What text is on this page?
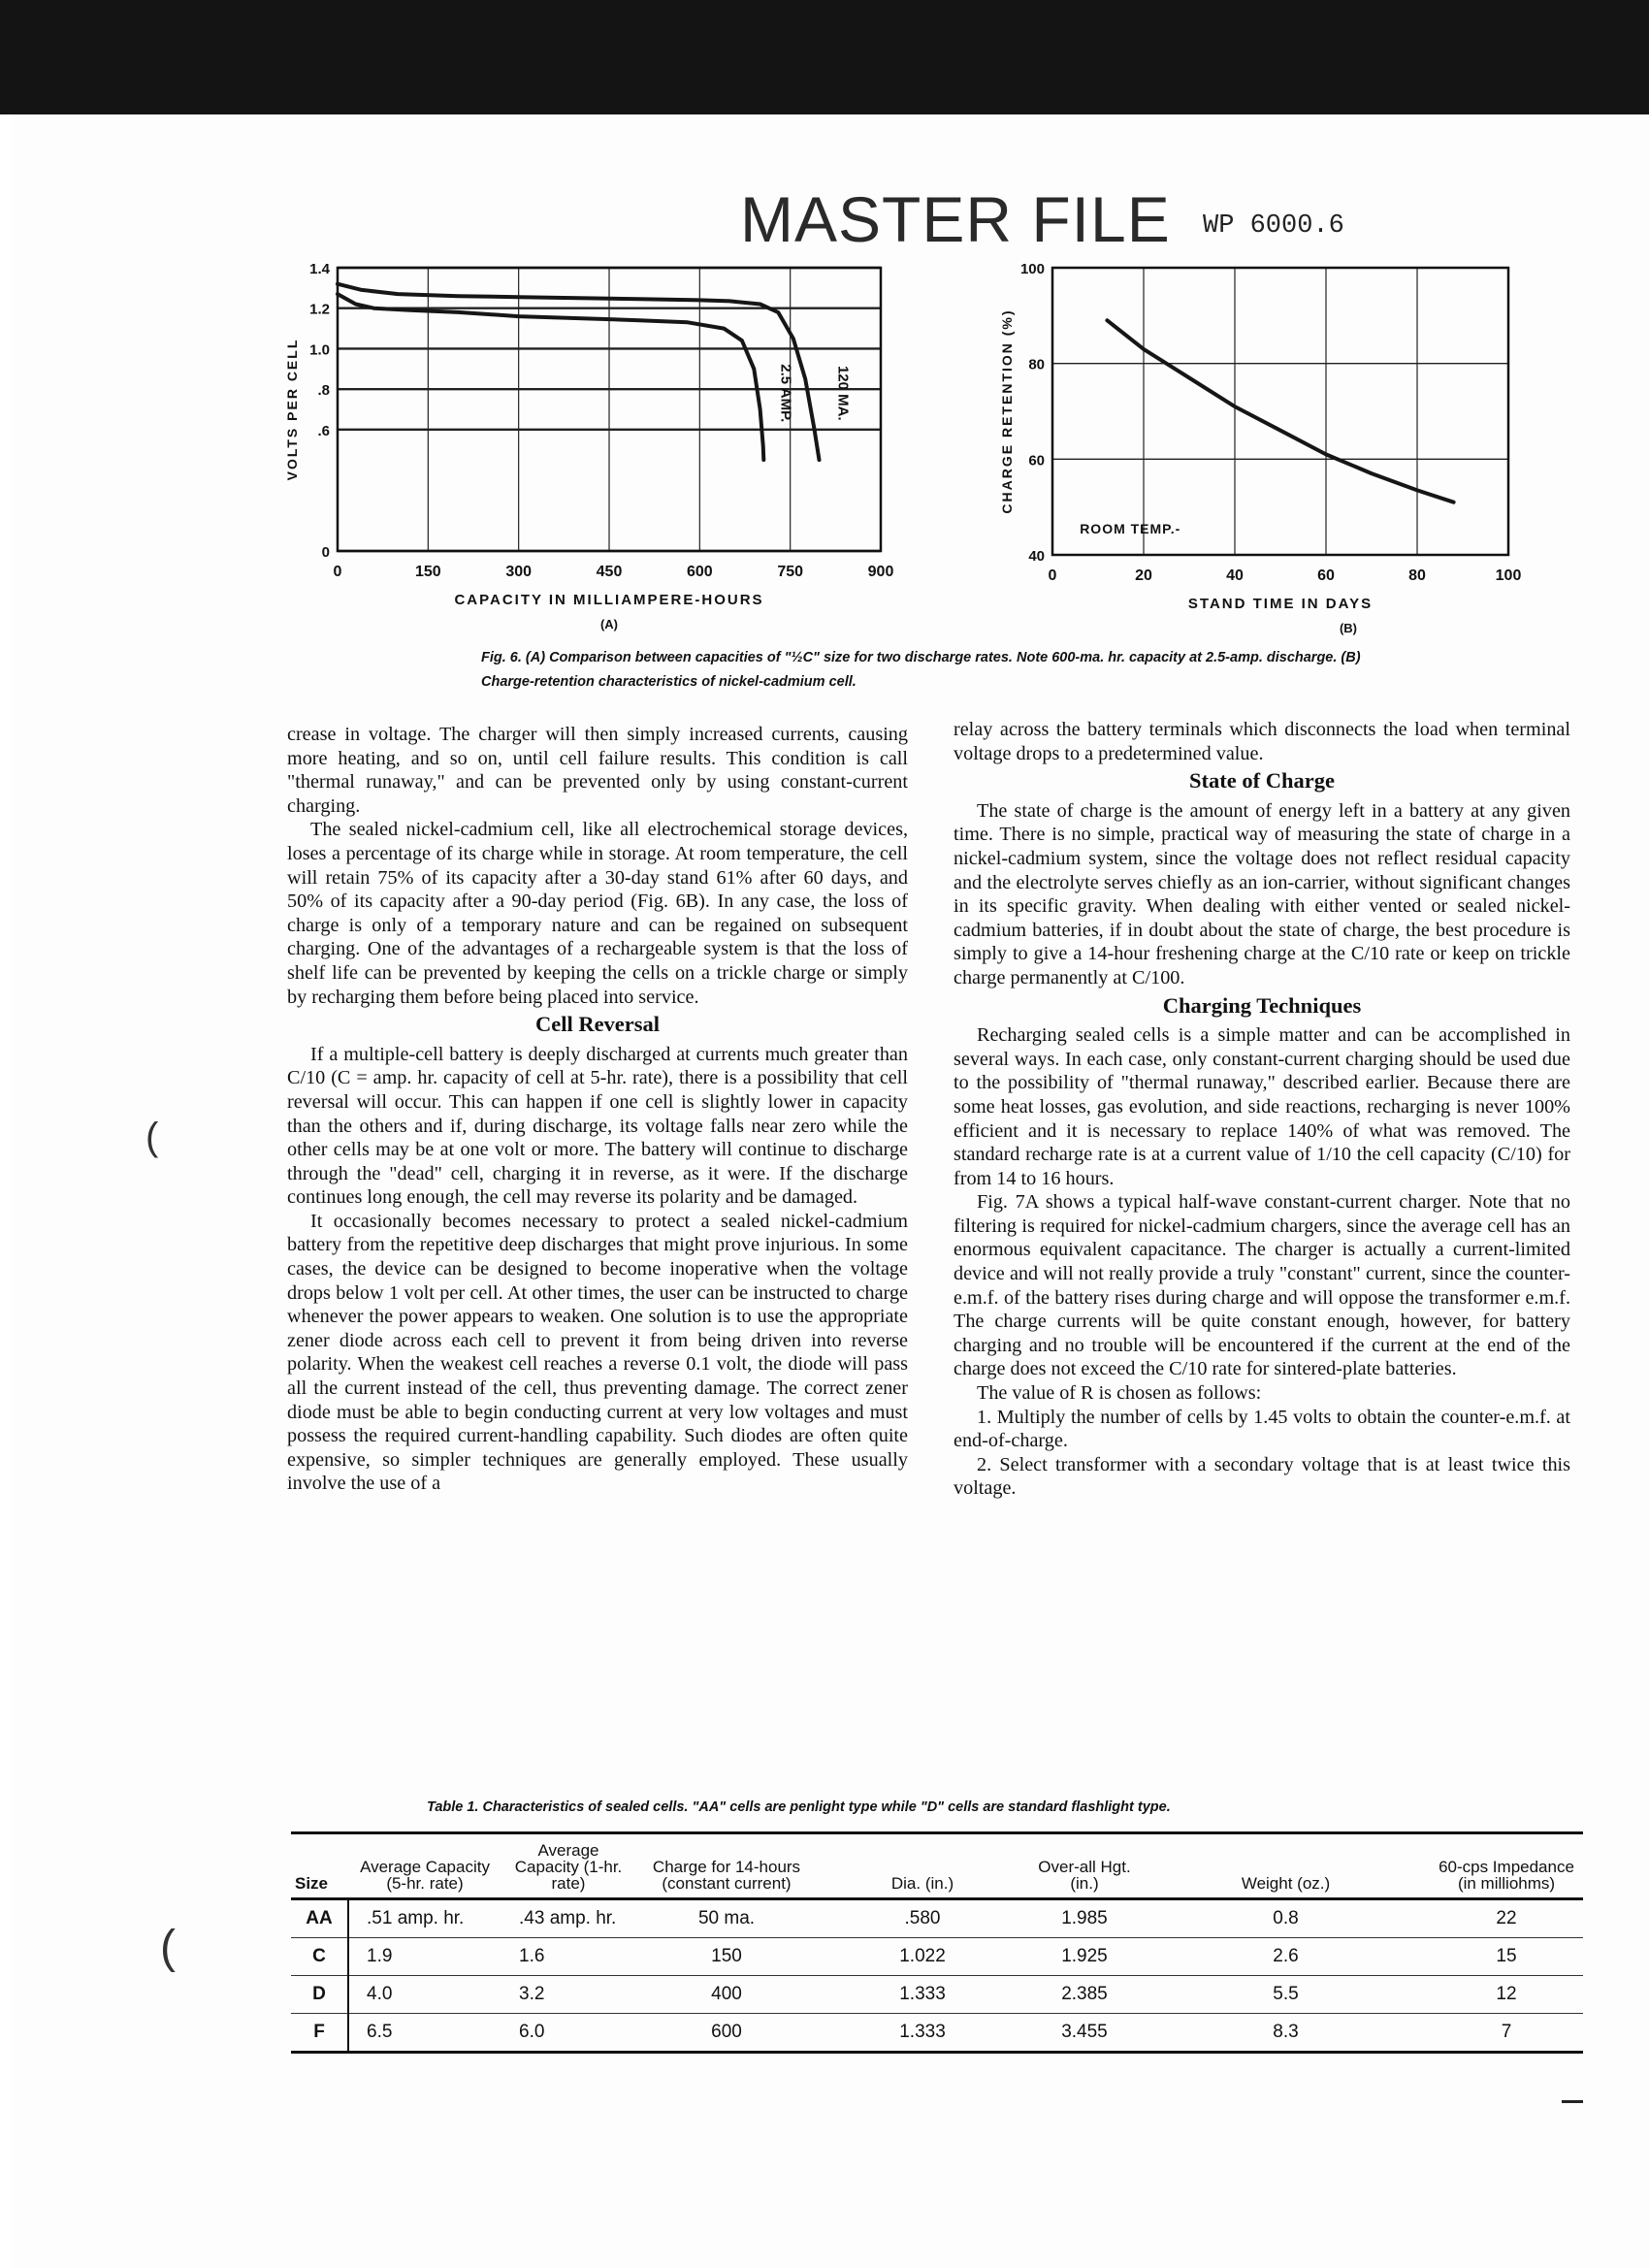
MASTER FILE WP 6000.6
0	150	300	450	600	750	900
0
.6
.8
1.0
1.2
1.4
CAPACITY IN MILLIAMPERE-HOURS
VOLTS PER CELL
(A)
2.5 AMP.	120 MA.
0	20	40	60	80	100
40
60
80
100
STAND TIME IN DAYS
CHARGE RETENTION (%)
(B)
ROOM TEMP.-
Fig. 6. (A) Comparison between capacities of "½C" size for two discharge rates. Note 600-ma. hr. capacity at 2.5-amp. discharge. (B) Charge-retention characteristics of nickel-cadmium cell.

crease in voltage. The charger will then simply increased currents, causing more heating, and so on, until cell failure results. This condition is call "thermal runaway," and can be prevented only by using constant-current charging.

The sealed nickel-cadmium cell, like all electrochemical storage devices, loses a percentage of its charge while in storage. At room temperature, the cell will retain 75% of its capacity after a 30-day stand 61% after 60 days, and 50% of its capacity after a 90-day period (Fig. 6B). In any case, the loss of charge is only of a temporary nature and can be regained on subsequent charging. One of the advantages of a rechargeable system is that the loss of shelf life can be prevented by keeping the cells on a trickle charge or simply by recharging them before being placed into service.

Cell Reversal

If a multiple-cell battery is deeply discharged at currents much greater than C/10 (C = amp. hr. capacity of cell at 5-hr. rate), there is a possibility that cell reversal will occur. This can happen if one cell is slightly lower in capacity than the others and if, during discharge, its voltage falls near zero while the other cells may be at one volt or more. The battery will continue to discharge through the "dead" cell, charging it in reverse, as it were. If the discharge continues long enough, the cell may reverse its polarity and be damaged.

It occasionally becomes necessary to protect a sealed nickel-cadmium battery from the repetitive deep discharges that might prove injurious. In some cases, the device can be designed to become inoperative when the voltage drops below 1 volt per cell. At other times, the user can be instructed to charge whenever the power appears to weaken. One solution is to use the appropriate zener diode across each cell to prevent it from being driven into reverse polarity. When the weakest cell reaches a reverse 0.1 volt, the diode will pass all the current instead of the cell, thus preventing damage. The correct zener diode must be able to begin conducting current at very low voltages and must possess the required current-handling capability. Such diodes are often quite expensive, so simpler techniques are generally employed. These usually involve the use of a

relay across the battery terminals which disconnects the load when terminal voltage drops to a predetermined value.

State of Charge

The state of charge is the amount of energy left in a battery at any given time. There is no simple, practical way of measuring the state of charge in a nickel-cadmium system, since the voltage does not reflect residual capacity and the electrolyte serves chiefly as an ion-carrier, without significant changes in its specific gravity. When dealing with either vented or sealed nickel-cadmium batteries, if in doubt about the state of charge, the best procedure is simply to give a 14-hour freshening charge at the C/10 rate or keep on trickle charge permanently at C/100.

Charging Techniques

Recharging sealed cells is a simple matter and can be accomplished in several ways. In each case, only constant-current charging should be used due to the possibility of "thermal runaway," described earlier. Because there are some heat losses, gas evolution, and side reactions, recharging is never 100% efficient and it is necessary to replace 140% of what was removed. The standard recharge rate is at a current value of 1/10 the cell capacity (C/10) for from 14 to 16 hours.

Fig. 7A shows a typical half-wave constant-current charger. Note that no filtering is required for nickel-cadmium chargers, since the average cell has an enormous equivalent capacitance. The charger is actually a current-limited device and will not really provide a truly "constant" current, since the counter-e.m.f. of the battery rises during charge and will oppose the transformer e.m.f. The charge currents will be quite constant enough, however, for battery charging and no trouble will be encountered if the current at the end of the charge does not exceed the C/10 rate for sintered-plate batteries.

The value of R is chosen as follows:

1. Multiply the number of cells by 1.45 volts to obtain the counter-e.m.f. at end-of-charge.

2. Select transformer with a secondary voltage that is at least twice this voltage.

Table 1. Characteristics of sealed cells. "AA" cells are penlight type while "D" cells are standard flashlight type.
Size	Average Capacity (5-hr. rate)	Average Capacity (1-hr. rate)	Charge for 14-hours (constant current)	Dia. (in.)	Over-all Hgt. (in.)	Weight (oz.)	60-cps Impedance (in milliohms)
AA	.51 amp. hr.	.43 amp. hr.	50 ma.	.580	1.985	0.8	22
C	1.9	1.6	150	1.022	1.925	2.6	15
D	4.0	3.2	400	1.333	2.385	5.5	12
F	6.5	6.0	600	1.333	3.455	8.3	7
(
(
